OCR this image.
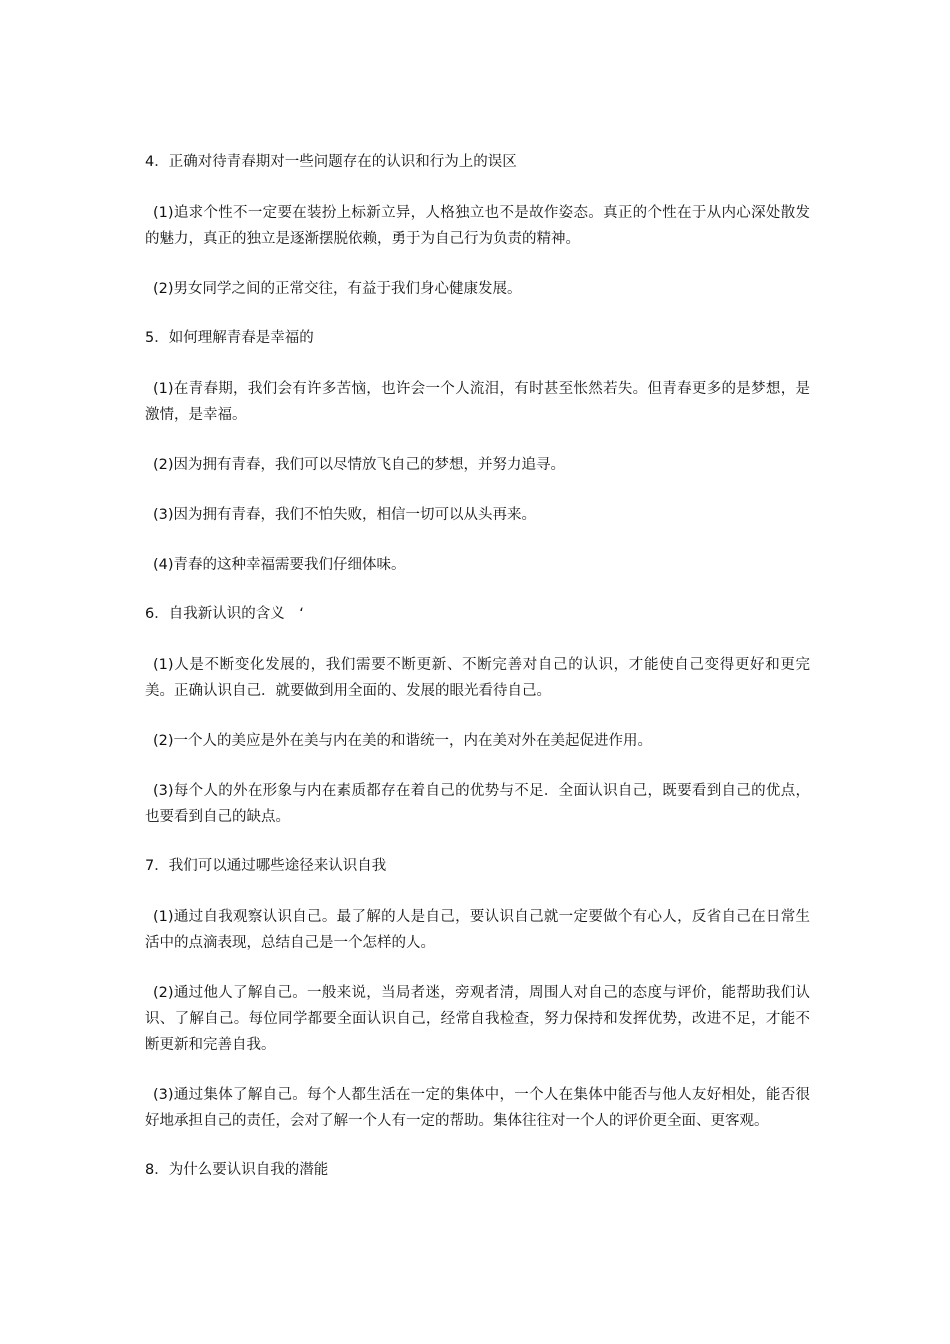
4．正确对待青春期对一些问题存在的认识和行为上的误区

(1)追求个性不一定要在装扮上标新立异，人格独立也不是故作姿态。真正的个性在于从内心深处散发的魅力，真正的独立是逐渐摆脱依赖，勇于为自己行为负责的精神。

(2)男女同学之间的正常交往，有益于我们身心健康发展。

5．如何理解青春是幸福的

(1)在青春期，我们会有许多苦恼，也许会一个人流泪，有时甚至怅然若失。但青春更多的是梦想，是激情，是幸福。

(2)因为拥有青春，我们可以尽情放飞自己的梦想，并努力追寻。

(3)因为拥有青春，我们不怕失败，相信一切可以从头再来。

(4)青春的这种幸福需要我们仔细体味。

6．自我新认识的含义　‘

(1)人是不断变化发展的，我们需要不断更新、不断完善对自己的认识，才能使自己变得更好和更完美。正确认识自己．就要做到用全面的、发展的眼光看待自己。

(2)一个人的美应是外在美与内在美的和谐统一，内在美对外在美起促进作用。

(3)每个人的外在形象与内在素质都存在着自己的优势与不足．全面认识自己，既要看到自己的优点，也要看到自己的缺点。

7．我们可以通过哪些途径来认识自我

(1)通过自我观察认识自己。最了解的人是自己，要认识自己就一定要做个有心人，反省自己在日常生活中的点滴表现，总结自己是一个怎样的人。

(2)通过他人了解自己。一般来说，当局者迷，旁观者清，周围人对自己的态度与评价，能帮助我们认识、了解自己。每位同学都要全面认识自己，经常自我检查，努力保持和发挥优势，改进不足，才能不断更新和完善自我。

(3)通过集体了解自己。每个人都生活在一定的集体中，一个人在集体中能否与他人友好相处，能否很好地承担自己的责任，会对了解一个人有一定的帮助。集体往往对一个人的评价更全面、更客观。

8．为什么要认识自我的潜能
